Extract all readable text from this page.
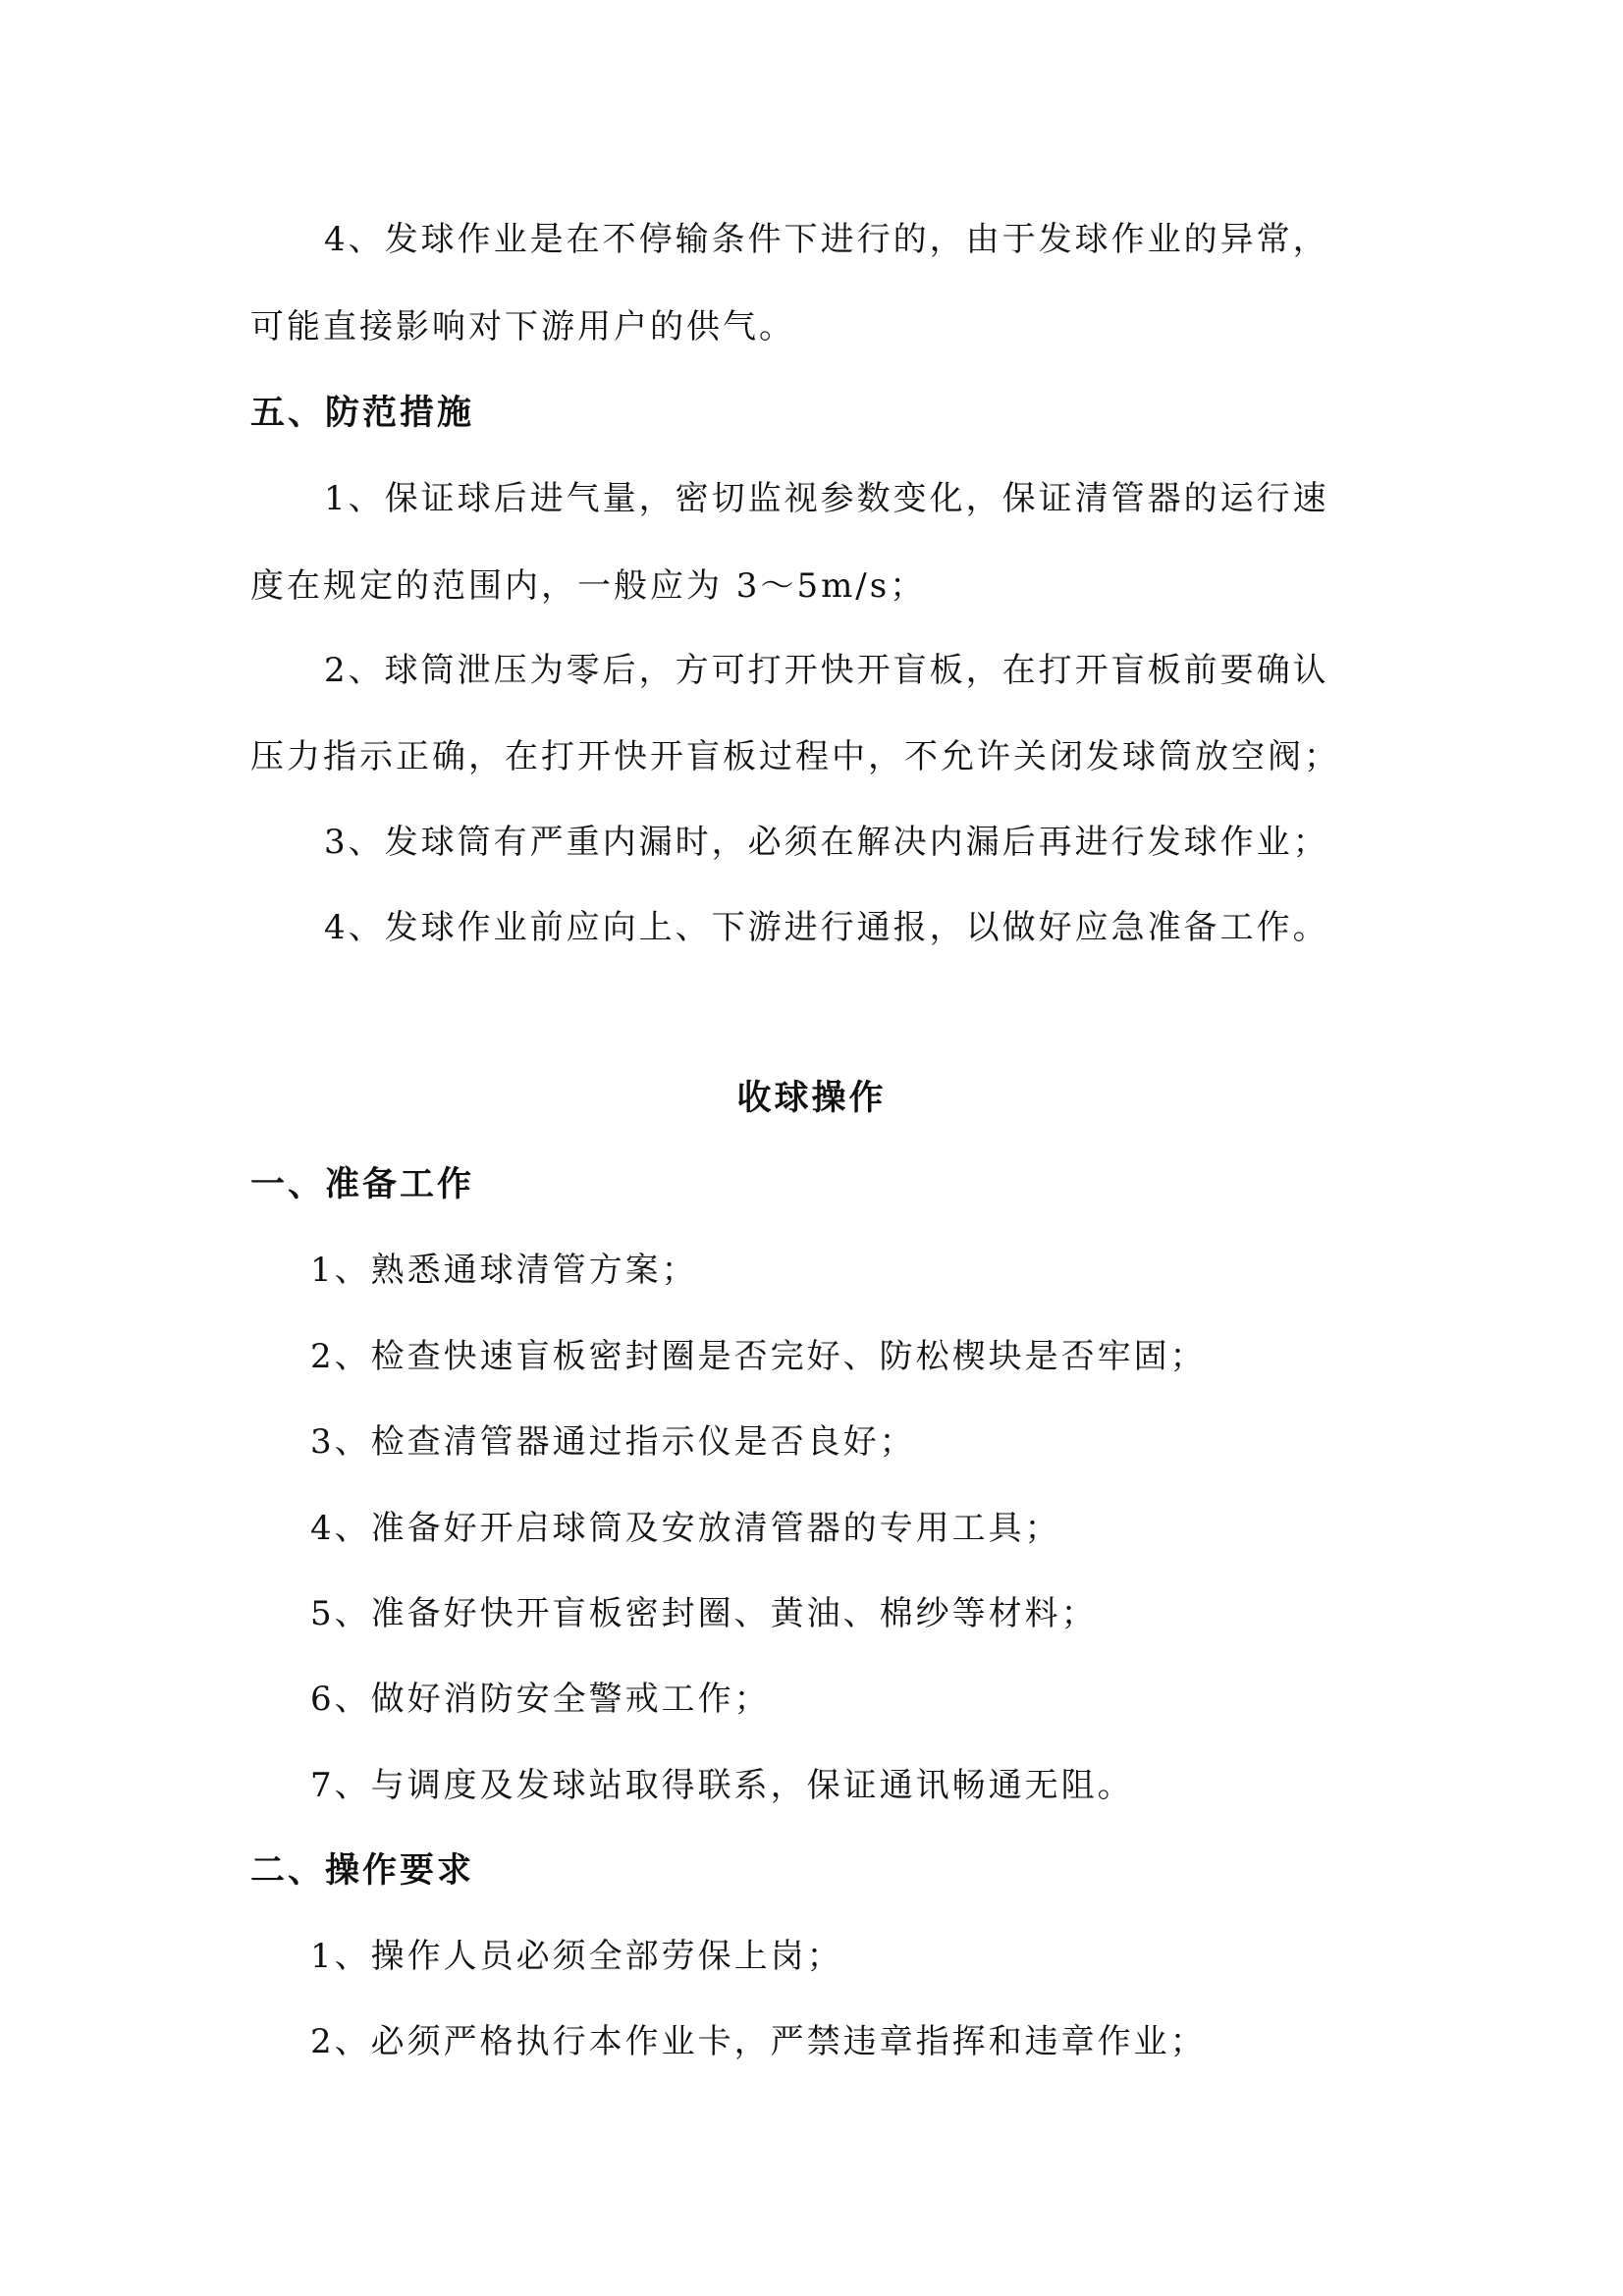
4、发球作业是在不停输条件下进行的，由于发球作业的异常，
可能直接影响对下游用户的供气。
五、防范措施
1、保证球后进气量，密切监视参数变化，保证清管器的运行速
度在规定的范围内，一般应为 3～5m/s；
2、球筒泄压为零后，方可打开快开盲板，在打开盲板前要确认
压力指示正确，在打开快开盲板过程中，不允许关闭发球筒放空阀；
3、发球筒有严重内漏时，必须在解决内漏后再进行发球作业；
4、发球作业前应向上、下游进行通报，以做好应急准备工作。
收球操作
一、准备工作
1、熟悉通球清管方案；
2、检查快速盲板密封圈是否完好、防松楔块是否牢固；
3、检查清管器通过指示仪是否良好；
4、准备好开启球筒及安放清管器的专用工具；
5、准备好快开盲板密封圈、黄油、棉纱等材料；
6、做好消防安全警戒工作；
7、与调度及发球站取得联系，保证通讯畅通无阻。
二、操作要求
1、操作人员必须全部劳保上岗；
2、必须严格执行本作业卡，严禁违章指挥和违章作业；
